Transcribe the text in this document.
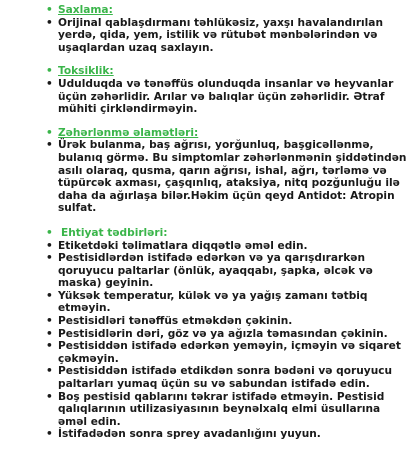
• Saxlama:
• Orijinal qablaşdırmanı təhlükəsiz, yaxşı havalandırılan yerdə, qida, yem, istilik və rütubət mənbələrindən və uşaqlardan uzaq saxlayın.
• Toksiklik:
• Udulduqda və tənəffüs olunduqda insanlar və heyvanlar üçün zəhərlidir. Arılar və balıqlar üçün zəhərlidir. Ətraf mühiti çirkləndirməyin.
• Zəhərlənmə əlamətləri:
• Ürək bulanma, baş ağrısı, yorğunluq, başgicəllənmə, bulanıq görmə. Bu simptomlar zəhərlənmənin şiddətindən asılı olaraq, qusma, qarın ağrısı, ishal, ağrı, tərləmə və tüpürcək axması, çaşqınlıq, ataksiya, nitq pozğunluğu ilə daha da ağırlaşa bilər.Həkim üçün qeyd Antidot: Atropin sulfat.
• Ehtiyat tədbirləri:
• Etiketdəki təlimatlara diqqətlə əməl edin.
• Pestisidlərdən istifadə edərkən və ya qarışdırarkən qoruyucu paltarlar (önlük, ayaqqabı, şapka, əlcək və maska) geyinin.
• Yüksək temperatur, külək və ya yağış zamanı tətbiq etməyin.
• Pestisidləri tənəffüs etməkdən çəkinin.
• Pestisidlərin dəri, göz və ya ağızla təmasından çəkinin.
• Pestisiddən istifadə edərkən yeməyin, içməyin və siqaret çəkməyin.
• Pestisiddən istifadə etdikdən sonra bədəni və qoruyucu paltarları yumaq üçün su və sabundan istifadə edin.
• Boş pestisid qablarını təkrar istifadə etməyin. Pestisid qalıqlarının utilizasiyasının beynəlxalq elmi üsullarına əməl edin.
• İstifadədən sonra sprey avadanlığını yuyun.
